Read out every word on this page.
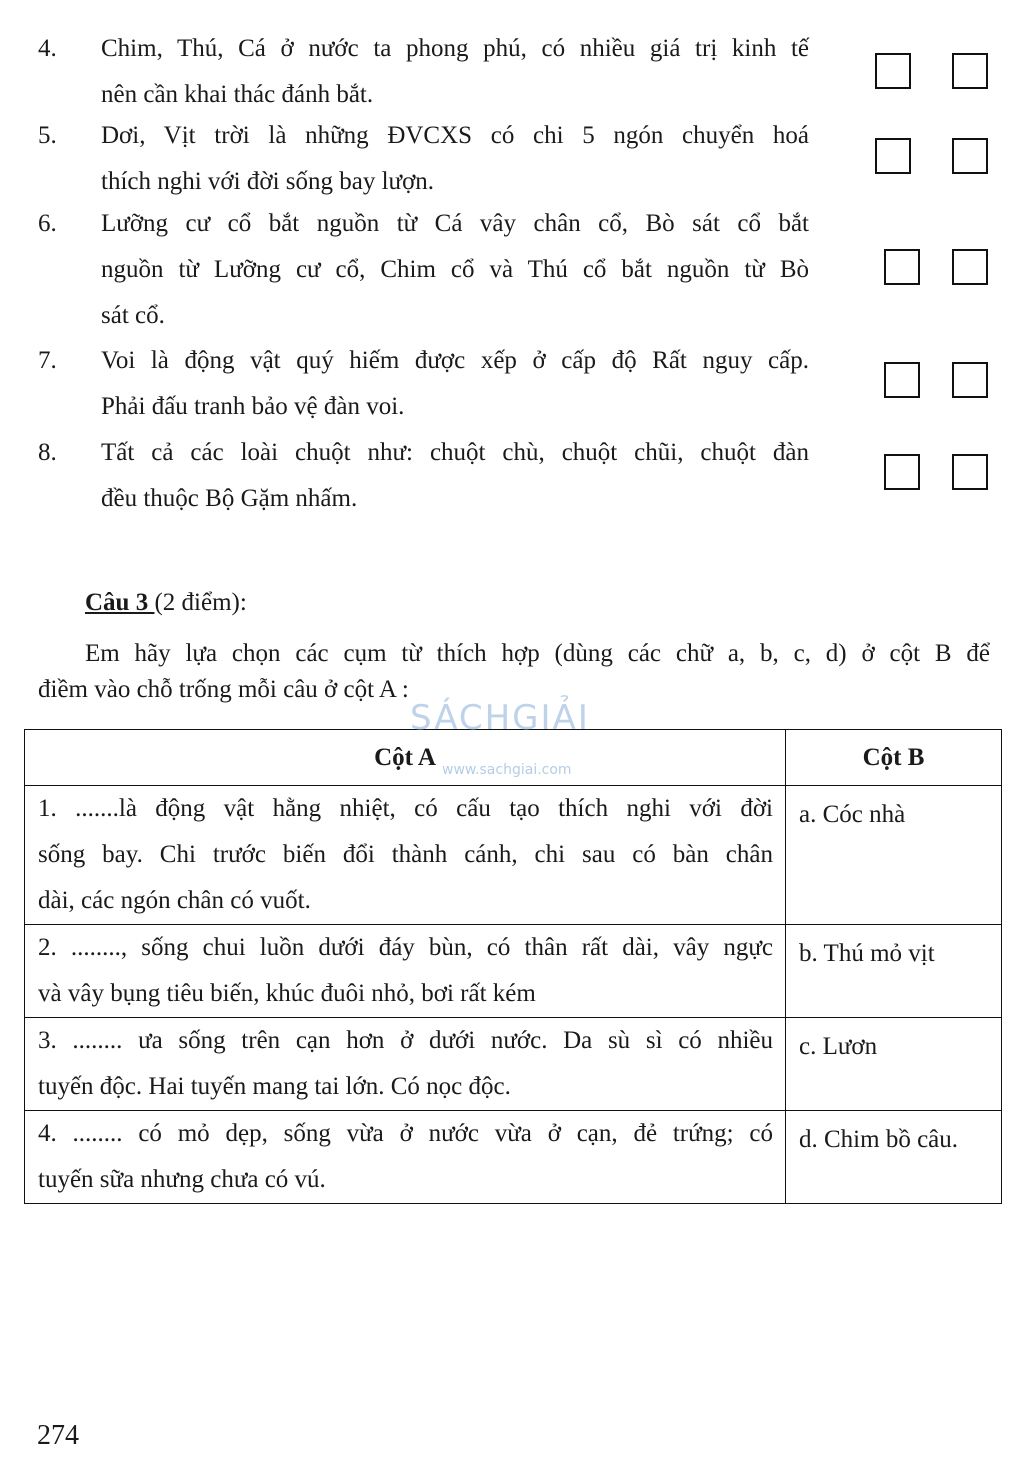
4. Chim, Thú, Cá ở nước ta phong phú, có nhiều giá trị kinh tế
nên cần khai thác đánh bắt.
5. Dơi, Vịt trời là những ĐVCXS có chi 5 ngón chuyển hoá
thích nghi với đời sống bay lượn.
6. Lưỡng cư cổ bắt nguồn từ Cá vây chân cổ, Bò sát cổ bắt
nguồn từ Lưỡng cư cổ, Chim cổ và Thú cổ bắt nguồn từ Bò
sát cổ.
7. Voi là động vật quý hiếm được xếp ở cấp độ Rất nguy cấp.
Phải đấu tranh bảo vệ đàn voi.
8. Tất cả các loài chuột như: chuột chù, chuột chũi, chuột đàn
đều thuộc Bộ Gặm nhấm.
Câu 3 (2 điểm):
Em hãy lựa chọn các cụm từ thích hợp (dùng các chữ a, b, c, d) ở cột B để
điềm vào chỗ trống mỗi câu ở cột A :
Cột A	Cột B

1. .......là động vật hằng nhiệt, có cấu tạo thích nghi với đời
sống bay. Chi trước biến đổi thành cánh, chi sau có bàn chân
dài, các ngón chân có vuốt.	a. Cóc nhà

2. ........, sống chui luồn dưới đáy bùn, có thân rất dài, vây ngực
và vây bụng tiêu biến, khúc đuôi nhỏ, bơi rất kém	b. Thú mỏ vịt

3. ........ ưa sống trên cạn hơn ở dưới nước. Da sù sì có nhiều
tuyến độc. Hai tuyến mang tai lớn. Có nọc độc.	c. Lươn

4. ........ có mỏ dẹp, sống vừa ở nước vừa ở cạn, đẻ trứng; có
tuyến sữa nhưng chưa có vú.	d. Chim bồ câu.
SÁCHGIẢI
www.sachgiai.com
274
